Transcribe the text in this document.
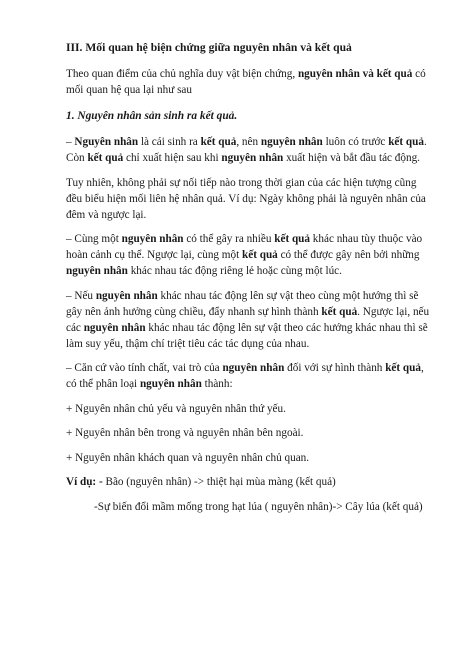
III. Mối quan hệ biện chứng giữa nguyên nhân và kết quả

Theo quan điểm của chủ nghĩa duy vật biện chứng, nguyên nhân và kết quả có mối quan hệ qua lại như sau

1. Nguyên nhân sản sinh ra kết quả.

– Nguyên nhân là cái sinh ra kết quả, nên nguyên nhân luôn có trước kết quả. Còn kết quả chỉ xuất hiện sau khi nguyên nhân xuất hiện và bắt đầu tác động.

Tuy nhiên, không phải sự nối tiếp nào trong thời gian của các hiện tượng cũng đều biểu hiện mối liên hệ nhân quả. Ví dụ: Ngày không phải là nguyên nhân của đêm và ngược lại.

– Cùng một nguyên nhân có thể gây ra nhiều kết quả khác nhau tùy thuộc vào hoàn cảnh cụ thể. Ngược lại, cùng một kết quả có thể được gây nên bởi những nguyên nhân khác nhau tác động riêng lẻ hoặc cùng một lúc.

– Nếu nguyên nhân khác nhau tác động lên sự vật theo cùng một hướng thì sẽ gây nên ảnh hưởng cùng chiều, đẩy nhanh sự hình thành kết quả. Ngược lại, nếu các nguyên nhân khác nhau tác động lên sự vật theo các hướng khác nhau thì sẽ làm suy yếu, thậm chí triệt tiêu các tác dụng của nhau.

– Căn cứ vào tính chất, vai trò của nguyên nhân đối với sự hình thành kết quả, có thể phân loại nguyên nhân thành:

+ Nguyên nhân chủ yếu và nguyên nhân thứ yếu.

+ Nguyên nhân bên trong và nguyên nhân bên ngoài.

+ Nguyên nhân khách quan và nguyên nhân chủ quan.

Ví dụ: - Bão (nguyên nhân) -> thiệt hại mùa màng (kết quả)

-Sự biến đổi mầm mống trong hạt lúa ( nguyên nhân)-> Cây lúa (kết quả)
